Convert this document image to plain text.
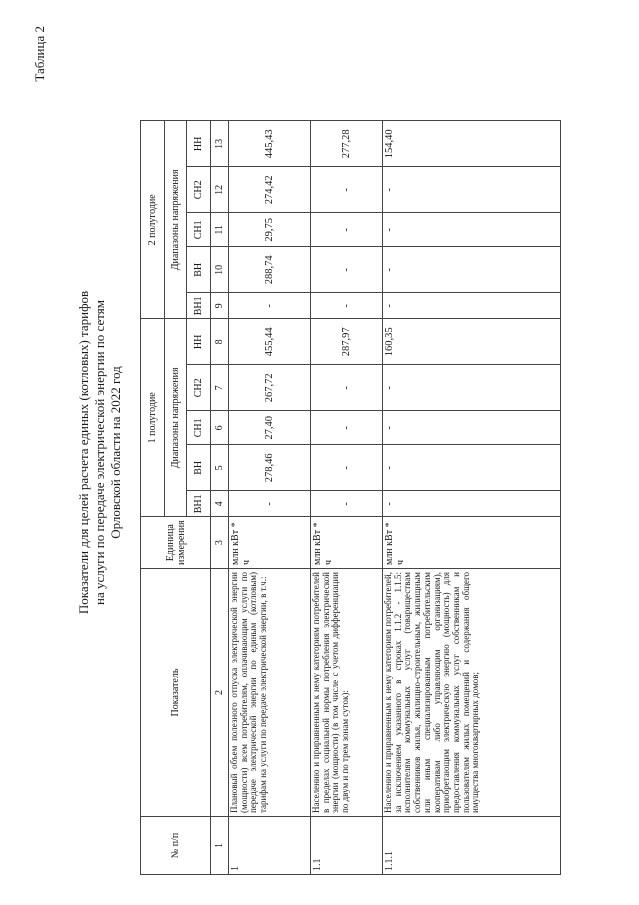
Таблица 2
Показатели для целей расчета единых (котловых) тарифов на услуги по передаче электрической энергии по сетям Орловской области на 2022 год
№ п/п	Показатель	Единица измерения	1 полугодие					2 полугодие				
			Диапазоны напряжения					Диапазоны напряжения				
			ВН1	ВН	СН1	СН2	НН	ВН1	ВН	СН1	СН2	НН
1	2	3	4	5	6	7	8	9	10	11	12	13
1	Плановый объем полезного отпуска электрической энергии (мощности) всем потребителям, оплачивающим услуги по передаче электрической энергии по единым (котловым) тарифам на услуги по передаче электрической энергии, в т.ч.:	млн кВт * ч	-	278,46	27,40	267,72	455,44	-	288,74	29,75	274,42	445,43
1.1	Населению и приравненным к нему категориям потребителей в пределах социальной нормы потребления электрической энергии (мощности) (в том числе с учетом дифференциации по двум и по трем зонам суток):	млн кВт * ч	-	-	-	-	287,97	-	-	-	-	277,28
1.1.1	Населению и приравненным к нему категориям потребителей, за исключением указанного в строках 1.1.2 - 1.1.5: исполнителям коммунальных услуг (товариществам собственников жилья, жилищно-строительным, жилищным или иным специализированным потребительским кооперативам либо управляющим организациям), приобретающим электрическую энергию (мощность) для предоставления коммунальных услуг собственникам и пользователям жилых помещений и содержания общего имущества многоквартирных домов;	млн кВт * ч	-	-	-	-	160,35	-	-	-	-	154,40
